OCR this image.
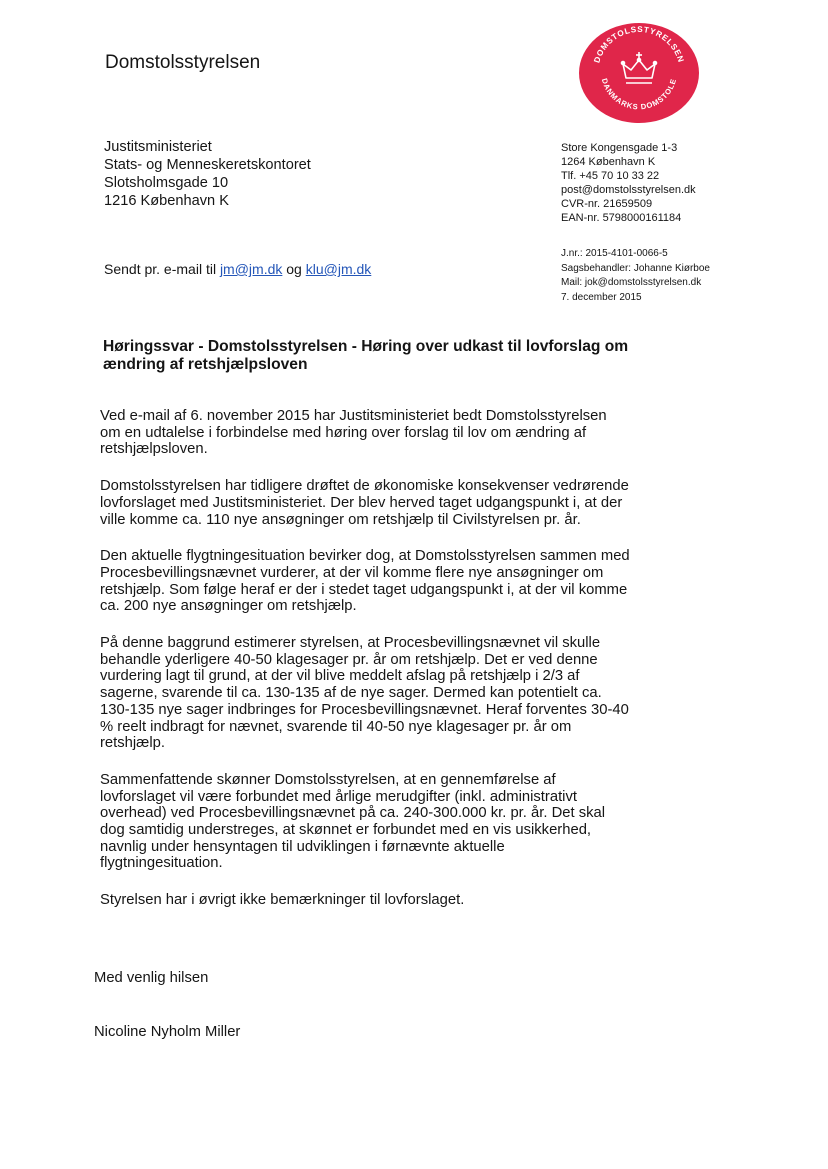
Domstolsstyrelsen	DOMSTOLSSTYRELSEN
DANMARKS DOMSTOLE
Justitsministeriet
Stats- og Menneskeretskontoret
Slotsholmsgade 10
1216 København K
Store Kongensgade 1-3
1264 København K
Tlf. +45 70 10 33 22
post@domstolsstyrelsen.dk
CVR-nr. 21659509
EAN-nr. 5798000161184
Sendt pr. e-mail til jm@jm.dk og klu@jm.dk
J.nr.: 2015-4101-0066-5
Sagsbehandler: Johanne Kiørboe
Mail: jok@domstolsstyrelsen.dk
7. december 2015
Høringssvar - Domstolsstyrelsen - Høring over udkast til lovforslag om ændring af retshjælpsloven

Ved e-mail af 6. november 2015 har Justitsministeriet bedt Domstolsstyrelsen om en udtalelse i forbindelse med høring over forslag til lov om ændring af retshjælpsloven.

Domstolsstyrelsen har tidligere drøftet de økonomiske konsekvenser vedrørende lovforslaget med Justitsministeriet. Der blev herved taget udgangspunkt i, at der ville komme ca. 110 nye ansøgninger om retshjælp til Civilstyrelsen pr. år.

Den aktuelle flygtningesituation bevirker dog, at Domstolsstyrelsen sammen med Procesbevillingsnævnet vurderer, at der vil komme flere nye ansøgninger om retshjælp. Som følge heraf er der i stedet taget udgangspunkt i, at der vil komme ca. 200 nye ansøgninger om retshjælp.

På denne baggrund estimerer styrelsen, at Procesbevillingsnævnet vil skulle behandle yderligere 40-50 klagesager pr. år om retshjælp. Det er ved denne vurdering lagt til grund, at der vil blive meddelt afslag på retshjælp i 2/3 af sagerne, svarende til ca. 130-135 af de nye sager. Dermed kan potentielt ca. 130-135 nye sager indbringes for Procesbevillingsnævnet. Heraf forventes 30-40 % reelt indbragt for nævnet, svarende til 40-50 nye klagesager pr. år om retshjælp.

Sammenfattende skønner Domstolsstyrelsen, at en gennemførelse af lovforslaget vil være forbundet med årlige merudgifter (inkl. administrativt overhead) ved Procesbevillingsnævnet på ca. 240-300.000 kr. pr. år. Det skal dog samtidig understreges, at skønnet er forbundet med en vis usikkerhed, navnlig under hensyntagen til udviklingen i førnævnte aktuelle flygtningesituation.

Styrelsen har i øvrigt ikke bemærkninger til lovforslaget.

Med venlig hilsen
Nicoline Nyholm Miller
